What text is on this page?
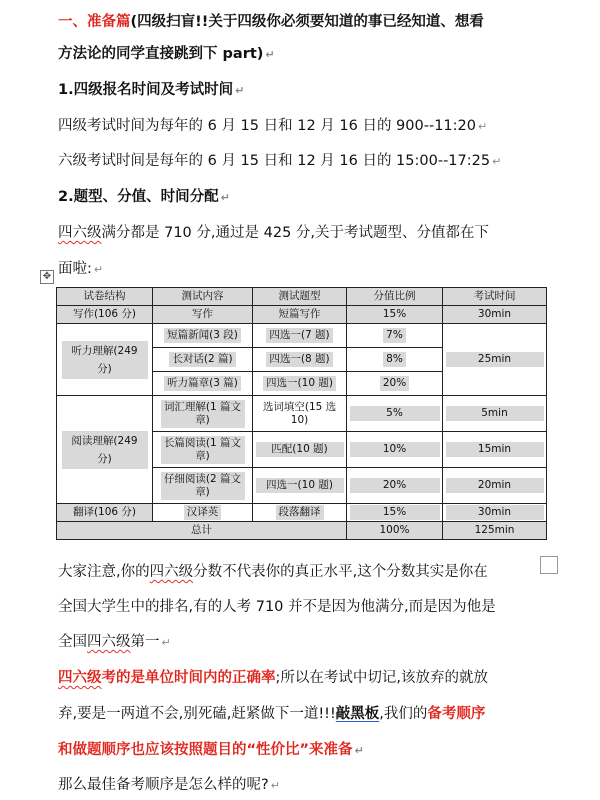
一、准备篇(四级扫盲!!关于四级你必须要知道的事已经知道、想看
方法论的同学直接跳到下 part) ↵
1.四级报名时间及考试时间 ↵
四级考试时间为每年的 6 月 15 日和 12 月 16 日的 900--11:20 ↵
六级考试时间是每年的 6 月 15 日和 12 月 16 日的 15:00--17:25 ↵
2.题型、分值、时间分配 ↵
四六级满分都是 710 分,通过是 425 分,关于考试题型、分值都在下
面啦: ↵
✥
试卷结构	测试内容	测试题型	分值比例	考试时间
写作(106 分)	写作	短篇写作	15%	30min
听力理解(249 分)	短篇新闻(3 段)	四选一(7 题)	7%	25min
	长对话(2 篇)	四选一(8 题)	8%	
	听力篇章(3 篇)	四选一(10 题)	20%	
阅读理解(249 分)	词汇理解(1 篇文章)	选词填空(15 选 10)	5%	5min
	长篇阅读(1 篇文章)	匹配(10 题)	10%	15min
	仔细阅读(2 篇文章)	四选一(10 题)	20%	20min
翻译(106 分)	汉译英	段落翻译	15%	30min
总计			100%	125min
大家注意,你的四六级分数不代表你的真正水平,这个分数其实是你在
全国大学生中的排名,有的人考 710 并不是因为他满分,而是因为他是
全国四六级第一 ↵
四六级考的是单位时间内的正确率;所以在考试中切记,该放弃的就放
弃,要是一两道不会,别死磕,赶紧做下一道!!!敲黑板,我们的备考顺序
和做题顺序也应该按照题目的“性价比”来准备 ↵
那么最佳备考顺序是怎么样的呢? ↵
